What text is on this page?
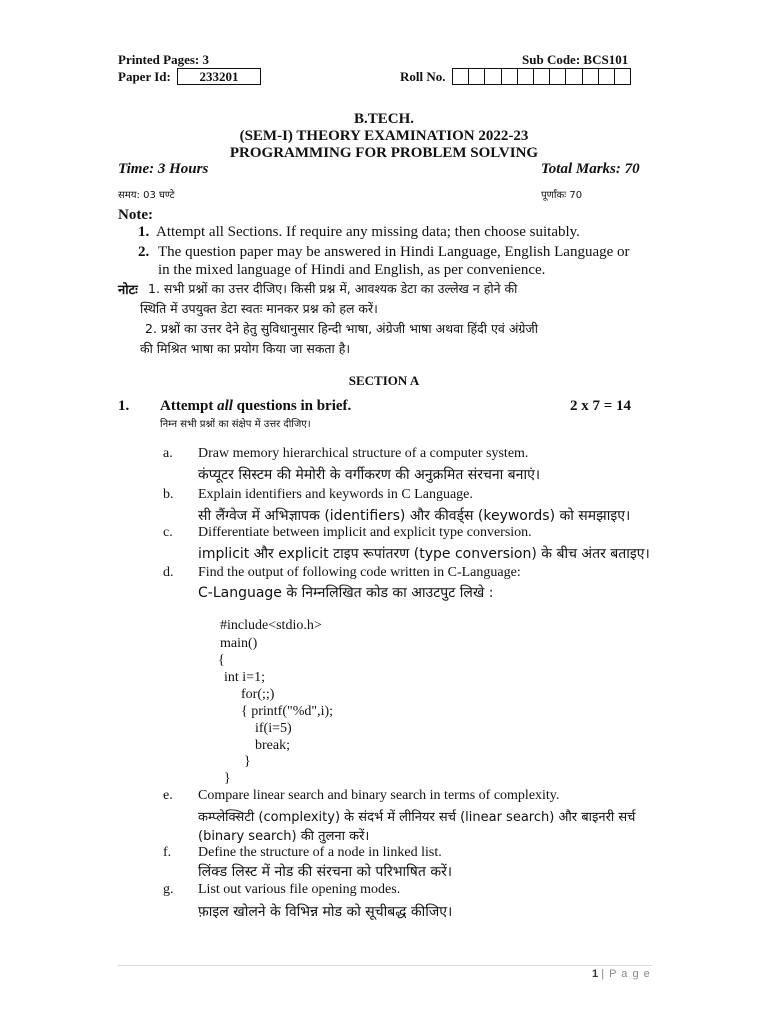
Printed Pages: 3	Sub Code: BCS101
Paper Id:	233201	Roll No.
B.TECH.
(SEM-I) THEORY EXAMINATION 2022-23
PROGRAMMING FOR PROBLEM SOLVING
Time: 3 Hours	Total Marks: 70
समय: 03 घण्टे	पूर्णांकः 70
Note:
1. Attempt all Sections. If require any missing data; then choose suitably.
2. The question paper may be answered in Hindi Language, English Language or
in the mixed language of Hindi and English, as per convenience.
नोटः 1. सभी प्रश्नों का उत्तर दीजिए। किसी प्रश्न में, आवश्यक डेटा का उल्लेख न होने की
स्थिति में उपयुक्त डेटा स्वतः मानकर प्रश्न को हल करें।
2. प्रश्नों का उत्तर देने हेतु सुविधानुसार हिन्दी भाषा, अंग्रेजी भाषा अथवा हिंदी एवं अंग्रेजी
की मिश्रित भाषा का प्रयोग किया जा सकता है।
SECTION A
1. Attempt all questions in brief.	2 x 7 = 14
निम्न सभी प्रश्नों का संक्षेप में उत्तर दीजिए।
a. Draw memory hierarchical structure of a computer system.
कंप्यूटर सिस्टम की मेमोरी के वर्गीकरण की अनुक्रमित संरचना बनाएं।
b. Explain identifiers and keywords in C Language.
सी लैंग्वेज में अभिज्ञापक (identifiers) और कीवर्ड्स (keywords) को समझाइए।
c. Differentiate between implicit and explicit type conversion.
implicit और explicit टाइप रूपांतरण (type conversion) के बीच अंतर बताइए।
d. Find the output of following code written in C-Language:
C-Language के निम्नलिखित कोड का आउटपुट लिखे :
#include<stdio.h>
main()
{
int i=1;
for(;;)
{ printf("%d",i);
if(i=5)
break;
}
}
e. Compare linear search and binary search in terms of complexity.
कम्प्लेक्सिटी (complexity) के संदर्भ में लीनियर सर्च (linear search) और बाइनरी सर्च
(binary search) की तुलना करें।
f. Define the structure of a node in linked list.
लिंक्ड लिस्ट में नोड की संरचना को परिभाषित करें।
g. List out various file opening modes.
फ़ाइल खोलने के विभिन्न मोड को सूचीबद्ध कीजिए।
1 | P a g e
